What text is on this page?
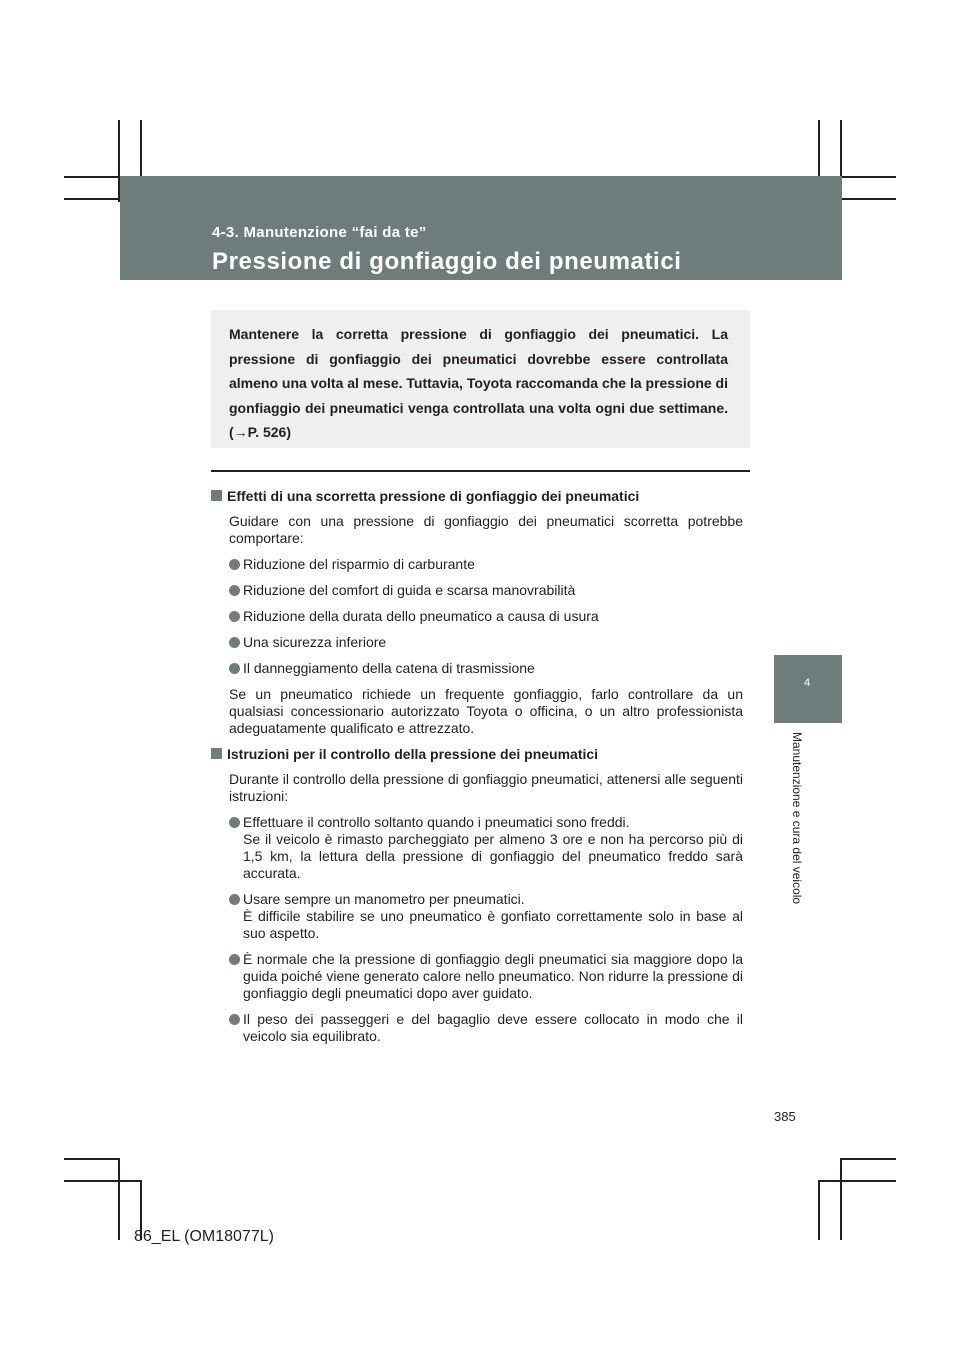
4-3. Manutenzione “fai da te”
Pressione di gonfiaggio dei pneumatici

Mantenere la corretta pressione di gonfiaggio dei pneumatici. La pressione di gonfiaggio dei pneumatici dovrebbe essere controllata almeno una volta al mese. Tuttavia, Toyota raccomanda che la pressione di gonfiaggio dei pneumatici venga controllata una volta ogni due settimane. (→P. 526)

Effetti di una scorretta pressione di gonfiaggio dei pneumatici
Guidare con una pressione di gonfiaggio dei pneumatici scorretta potrebbe comportare:
Riduzione del risparmio di carburante
Riduzione del comfort di guida e scarsa manovrabilità
Riduzione della durata dello pneumatico a causa di usura
Una sicurezza inferiore
Il danneggiamento della catena di trasmissione
Se un pneumatico richiede un frequente gonfiaggio, farlo controllare da un qualsiasi concessionario autorizzato Toyota o officina, o un altro professionista adeguatamente qualificato e attrezzato.
Istruzioni per il controllo della pressione dei pneumatici
Durante il controllo della pressione di gonfiaggio pneumatici, attenersi alle seguenti istruzioni:
Effettuare il controllo soltanto quando i pneumatici sono freddi.
Se il veicolo è rimasto parcheggiato per almeno 3 ore e non ha percorso più di 1,5 km, la lettura della pressione di gonfiaggio del pneumatico freddo sarà accurata.
Usare sempre un manometro per pneumatici.
È difficile stabilire se uno pneumatico è gonfiato correttamente solo in base al suo aspetto.
È normale che la pressione di gonfiaggio degli pneumatici sia maggiore dopo la guida poiché viene generato calore nello pneumatico. Non ridurre la pressione di gonfiaggio degli pneumatici dopo aver guidato.
Il peso dei passeggeri e del bagaglio deve essere collocato in modo che il veicolo sia equilibrato.
4
Manutenzione e cura del veicolo
385
86_EL (OM18077L)
